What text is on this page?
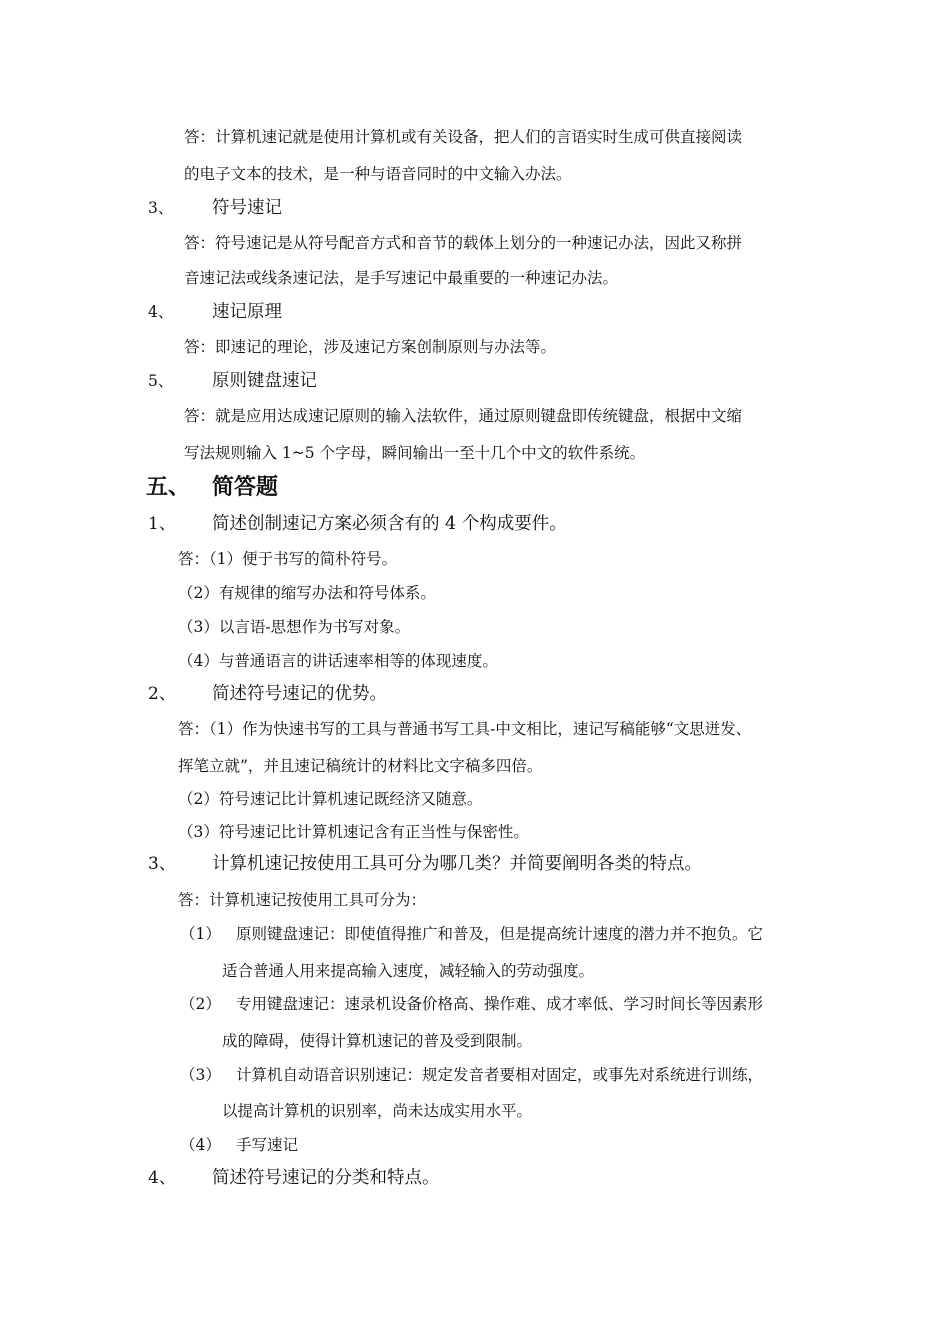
答：计算机速记就是使用计算机或有关设备，把人们的言语实时生成可供直接阅读
的电子文本的技术，是一种与语音同时的中文输入办法。
3、 符号速记
答：符号速记是从符号配音方式和音节的载体上划分的一种速记办法，因此又称拼
音速记法或线条速记法，是手写速记中最重要的一种速记办法。
4、 速记原理
答：即速记的理论，涉及速记方案创制原则与办法等。
5、 原则键盘速记
答：就是应用达成速记原则的输入法软件，通过原则键盘即传统键盘，根据中文缩
写法规则输入 1~5 个字母，瞬间输出一至十几个中文的软件系统。
五、 简答题
1、 简述创制速记方案必须含有的 4 个构成要件。
答：（1）便于书写的简朴符号。
（2）有规律的缩写办法和符号体系。
（3）以言语-思想作为书写对象。
（4）与普通语言的讲话速率相等的体现速度。
2、 简述符号速记的优势。
答：（1）作为快速书写的工具与普通书写工具-中文相比，速记写稿能够“文思迸发、
挥笔立就”，并且速记稿统计的材料比文字稿多四倍。
（2）符号速记比计算机速记既经济又随意。
（3）符号速记比计算机速记含有正当性与保密性。
3、 计算机速记按使用工具可分为哪几类？并简要阐明各类的特点。
答：计算机速记按使用工具可分为：
（1） 原则键盘速记：即使值得推广和普及，但是提高统计速度的潜力并不抱负。它
适合普通人用来提高输入速度，减轻输入的劳动强度。
（2） 专用键盘速记：速录机设备价格高、操作难、成才率低、学习时间长等因素形
成的障碍，使得计算机速记的普及受到限制。
（3） 计算机自动语音识别速记：规定发音者要相对固定，或事先对系统进行训练，
以提高计算机的识别率，尚未达成实用水平。
（4） 手写速记
4、 简述符号速记的分类和特点。
